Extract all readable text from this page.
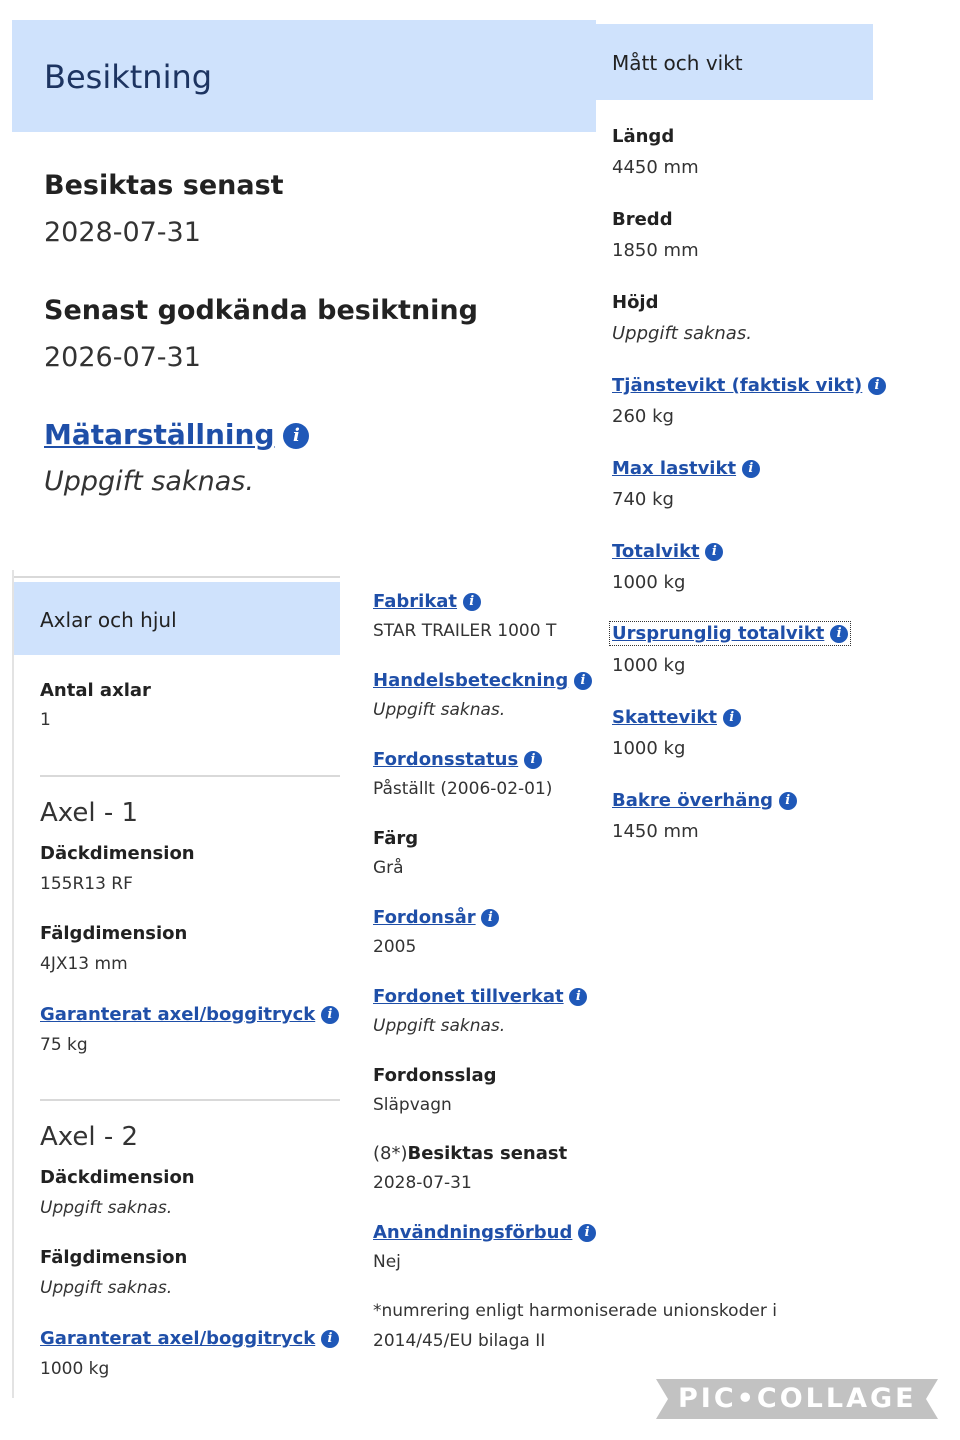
Besiktning
Besiktas senast
2028-07-31
Senast godkända besiktning
2026-07-31
Mätarställning i
Uppgift saknas.
Mått och vikt
Längd
4450 mm
Bredd
1850 mm
Höjd
Uppgift saknas.
Tjänstevikt (faktisk vikt) i
260 kg
Max lastvikt i
740 kg
Totalvikt i
1000 kg
Ursprunglig totalvikt i
1000 kg
Skattevikt i
1000 kg
Bakre överhäng i
1450 mm
Axlar och hjul
Antal axlar
1
Axel - 1
Däckdimension
155R13 RF
Fälgdimension
4JX13 mm
Garanterat axel/boggitryck i
75 kg
Axel - 2
Däckdimension
Uppgift saknas.
Fälgdimension
Uppgift saknas.
Garanterat axel/boggitryck i
1000 kg
Fabrikat i
STAR TRAILER 1000 T
Handelsbeteckning i
Uppgift saknas.
Fordonsstatus i
Påställt (2006-02-01)
Färg
Grå
Fordonsår i
2005
Fordonet tillverkat i
Uppgift saknas.
Fordonsslag
Släpvagn
(8*)Besiktas senast
2028-07-31
Användningsförbud i
Nej
*numrering enligt harmoniserade unionskoder i
2014/45/EU bilaga II
PIC•COLLAGE
